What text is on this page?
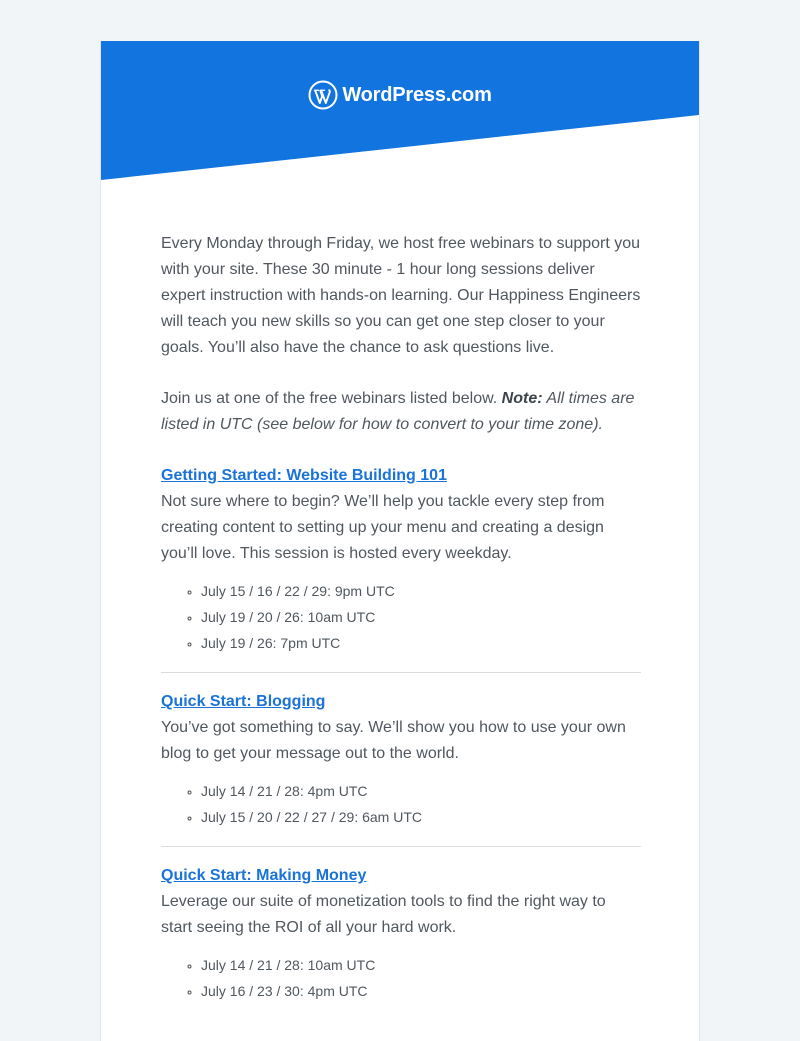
WordPress.com

Every Monday through Friday, we host free webinars to support you with your site. These 30 minute - 1 hour long sessions deliver expert instruction with hands-on learning. Our Happiness Engineers will teach you new skills so you can get one step closer to your goals. You’ll also have the chance to ask questions live.

Join us at one of the free webinars listed below. Note: All times are listed in UTC (see below for how to convert to your time zone).

Getting Started: Website Building 101

Not sure where to begin? We’ll help you tackle every step from creating content to setting up your menu and creating a design you’ll love. This session is hosted every weekday.

◦ July 15 / 16 / 22 / 29: 9pm UTC
◦ July 19 / 20 / 26: 10am UTC
◦ July 19 / 26: 7pm UTC
Quick Start: Blogging

You’ve got something to say. We’ll show you how to use your own blog to get your message out to the world.

◦ July 14 / 21 / 28: 4pm UTC
◦ July 15 / 20 / 22 / 27 / 29: 6am UTC
Quick Start: Making Money

Leverage our suite of monetization tools to find the right way to start seeing the ROI of all your hard work.

◦ July 14 / 21 / 28: 10am UTC
◦ July 16 / 23 / 30: 4pm UTC
